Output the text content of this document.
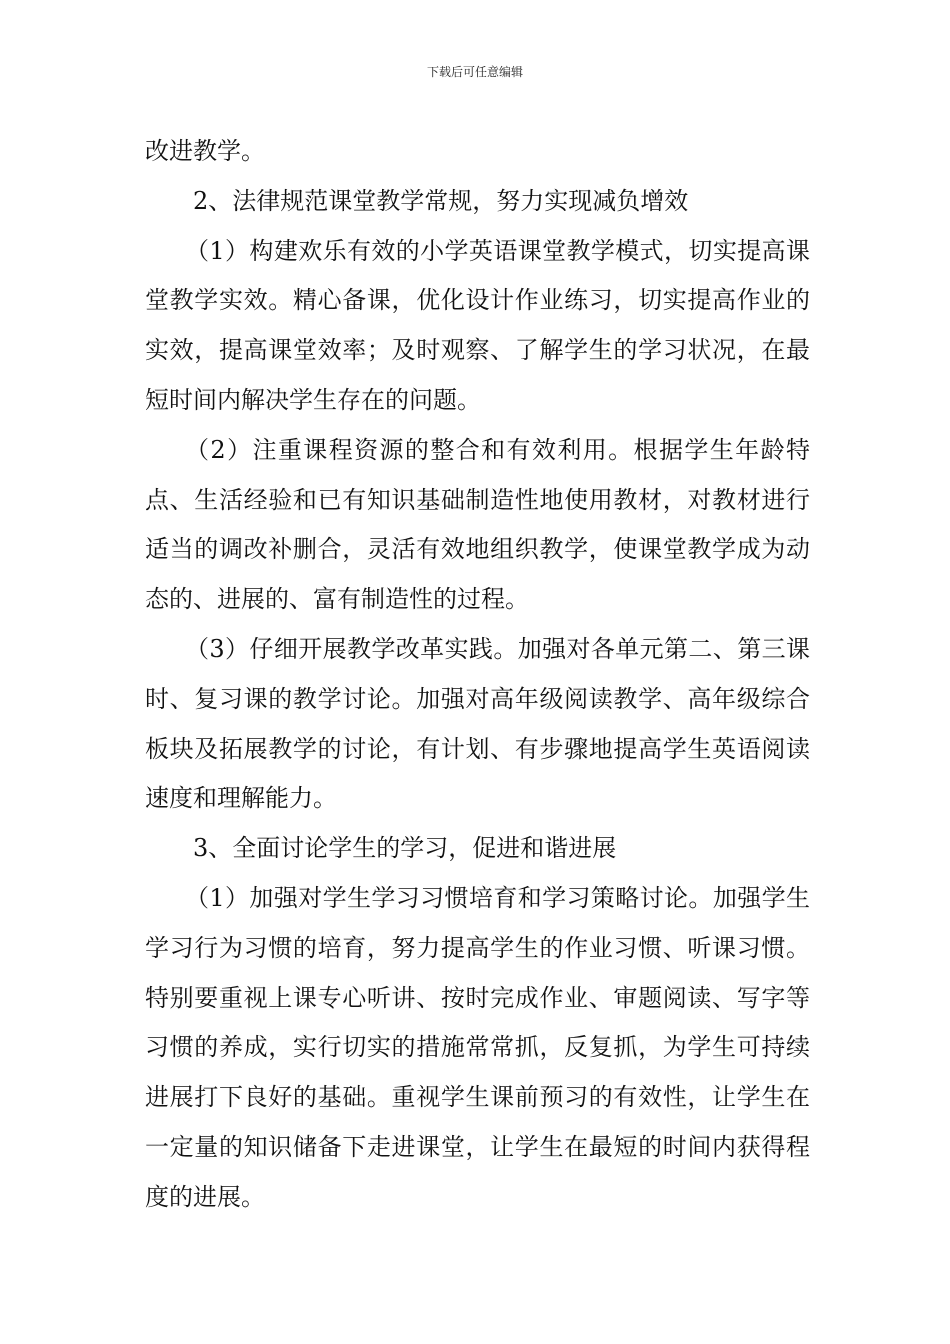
下载后可任意编辑

改进教学。

2、法律规范课堂教学常规，努力实现减负增效

（1）构建欢乐有效的小学英语课堂教学模式，切实提高课堂教学实效。精心备课，优化设计作业练习，切实提高作业的实效，提高课堂效率；及时观察、了解学生的学习状况，在最短时间内解决学生存在的问题。

（2）注重课程资源的整合和有效利用。根据学生年龄特点、生活经验和已有知识基础制造性地使用教材，对教材进行适当的调改补删合，灵活有效地组织教学，使课堂教学成为动态的、进展的、富有制造性的过程。

（3）仔细开展教学改革实践。加强对各单元第二、第三课时、复习课的教学讨论。加强对高年级阅读教学、高年级综合板块及拓展教学的讨论，有计划、有步骤地提高学生英语阅读速度和理解能力。

3、全面讨论学生的学习，促进和谐进展

（1）加强对学生学习习惯培育和学习策略讨论。加强学生学习行为习惯的培育，努力提高学生的作业习惯、听课习惯。特别要重视上课专心听讲、按时完成作业、审题阅读、写字等习惯的养成，实行切实的措施常常抓，反复抓，为学生可持续进展打下良好的基础。重视学生课前预习的有效性，让学生在一定量的知识储备下走进课堂，让学生在最短的时间内获得程度的进展。
